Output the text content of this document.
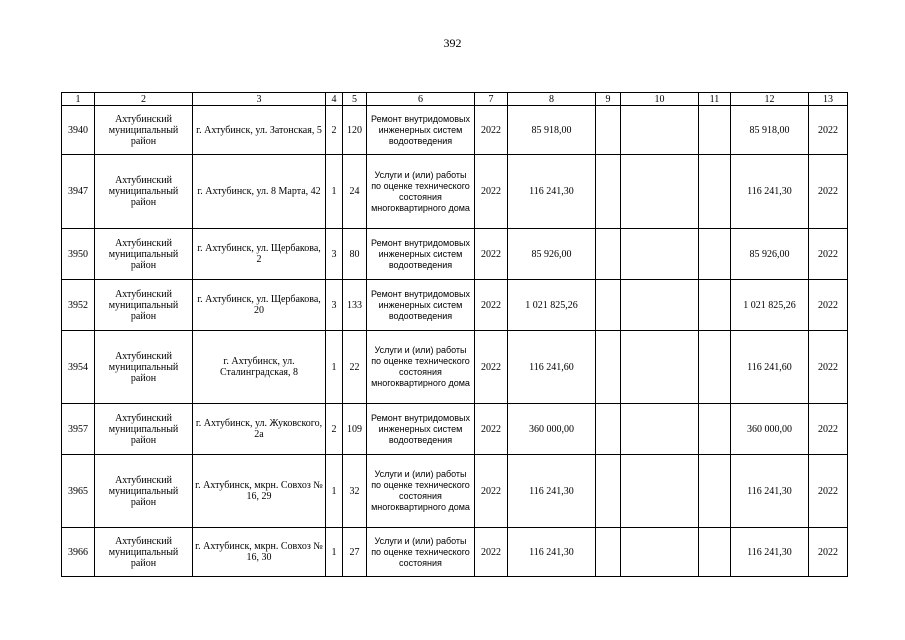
392
1	2	3	4	5	6	7	8	9	10	11	12	13
3940	Ахтубинский муниципальный район	г. Ахтубинск, ул. Затонская, 5	2	120	Ремонт внутридомовых инженерных систем водоотведения	2022	85 918,00				85 918,00	2022
3947	Ахтубинский муниципальный район	г. Ахтубинск, ул. 8 Марта, 42	1	24	Услуги и (или) работы по оценке технического состояния многоквартирного дома	2022	116 241,30				116 241,30	2022
3950	Ахтубинский муниципальный район	г. Ахтубинск, ул. Щербакова, 2	3	80	Ремонт внутридомовых инженерных систем водоотведения	2022	85 926,00				85 926,00	2022
3952	Ахтубинский муниципальный район	г. Ахтубинск, ул. Щербакова, 20	3	133	Ремонт внутридомовых инженерных систем водоотведения	2022	1 021 825,26				1 021 825,26	2022
3954	Ахтубинский муниципальный район	г. Ахтубинск, ул. Сталинградская, 8	1	22	Услуги и (или) работы по оценке технического состояния многоквартирного дома	2022	116 241,60				116 241,60	2022
3957	Ахтубинский муниципальный район	г. Ахтубинск, ул. Жуковского, 2а	2	109	Ремонт внутридомовых инженерных систем водоотведения	2022	360 000,00				360 000,00	2022
3965	Ахтубинский муниципальный район	г. Ахтубинск, мкрн. Совхоз № 16, 29	1	32	Услуги и (или) работы по оценке технического состояния многоквартирного дома	2022	116 241,30				116 241,30	2022
3966	Ахтубинский муниципальный район	г. Ахтубинск, мкрн. Совхоз № 16, 30	1	27	Услуги и (или) работы по оценке технического состояния	2022	116 241,30				116 241,30	2022
